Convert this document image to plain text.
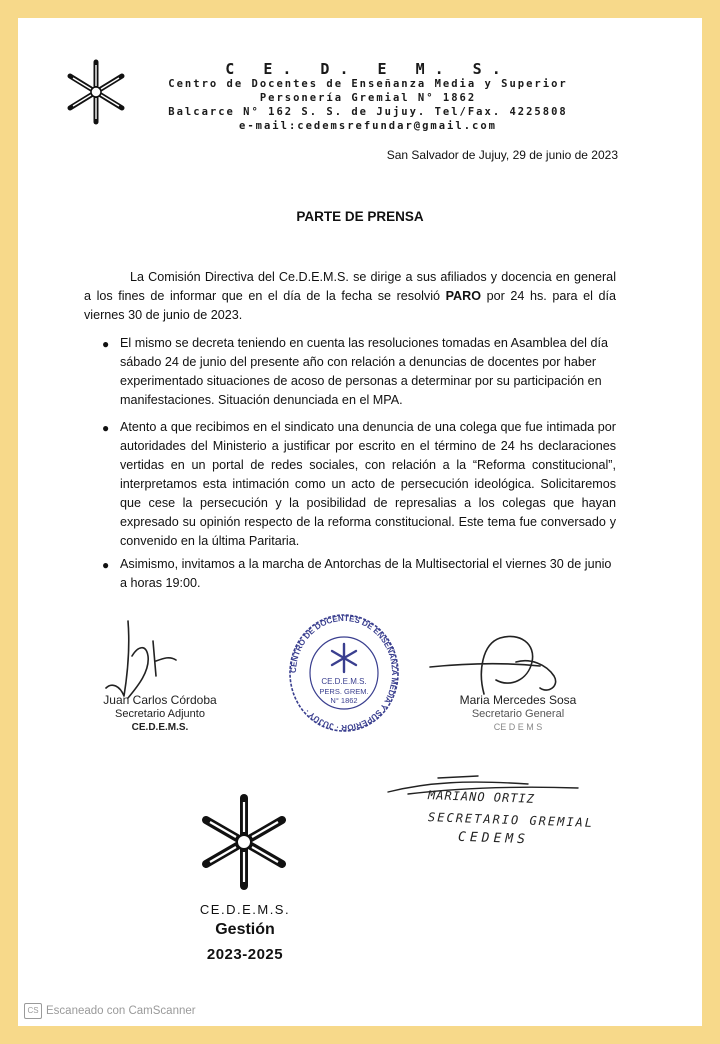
C E. D. E M. S.
Centro de Docentes de Enseñanza Media y Superior
Personería Gremial N° 1862
Balcarce N° 162 S. S. de Jujuy. Tel/Fax. 4225808
e-mail:cedemsrefundar@gmail.com
San Salvador de Jujuy, 29 de junio de 2023
PARTE DE PRENSA
La Comisión Directiva del Ce.D.E.M.S. se dirige a sus afiliados y docencia en general a los fines de informar que en el día de la fecha se resolvió PARO por 24 hs. para el día viernes 30 de junio de 2023.
● El mismo se decreta teniendo en cuenta las resoluciones tomadas en Asamblea del día sábado 24 de junio del presente año con relación a denuncias de docentes por haber experimentado situaciones de acoso de personas a determinar por su participación en manifestaciones. Situación denunciada en el MPA.
● Atento a que recibimos en el sindicato una denuncia de una colega que fue intimada por autoridades del Ministerio a justificar por escrito en el término de 24 hs declaraciones vertidas en un portal de redes sociales, con relación a la “Reforma constitucional”, interpretamos esta intimación como un acto de persecución ideológica. Solicitaremos que cese la persecución y la posibilidad de represalias a los colegas que hayan expresado su opinión respecto de la reforma constitucional. Este tema fue conversado y convenido en la última Paritaria.
● Asimismo, invitamos a la marcha de Antorchas de la Multisectorial el viernes 30 de junio a horas 19:00.
Juan Carlos Córdoba
Secretario Adjunto
CE.D.E.M.S.
CENTRO DE DOCENTES DE ENSEÑANZA MEDIA Y SUPERIOR · JUJUY ·
CE.D.E.M.S.
PERS. GREM.
N° 1862	Maria Mercedes Sosa
Secretario General
CE D E M S
MARIANO ORTIZ
SECRETARIO GREMIAL
CEDEMS
CE.D.E.M.S.
Gestión
2023-2025
CS Escaneado con CamScanner
